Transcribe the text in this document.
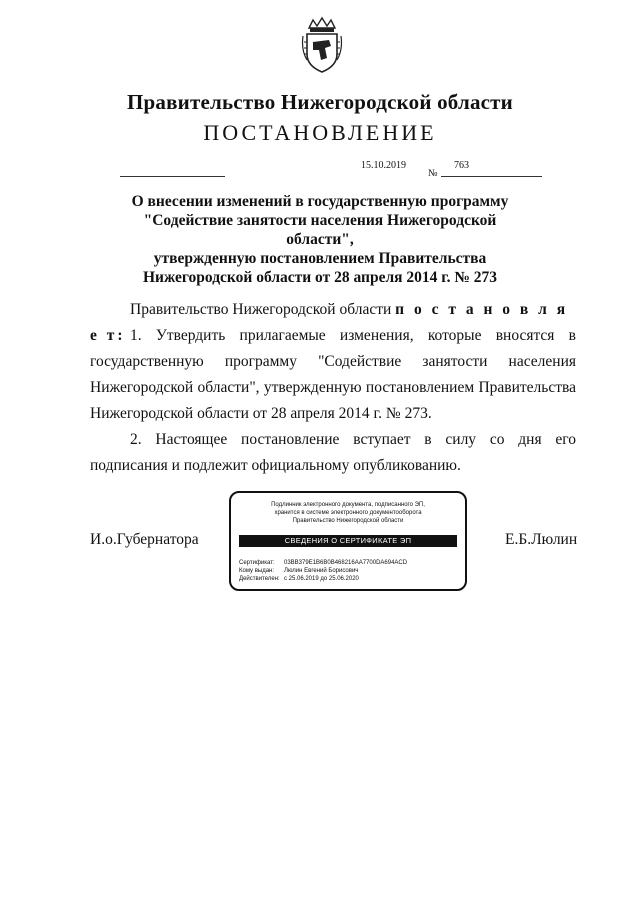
Правительство Нижегородской области
ПОСТАНОВЛЕНИЕ
15.10.2019
№
763
О внесении изменений в государственную программу
"Содействие занятости населения Нижегородской области",
утвержденную постановлением Правительства
Нижегородской области от 28 апреля 2014 г. № 273
Правительство Нижегородской области п о с т а н о в л я е т: 1. Утвердить прилагаемые изменения, которые вносятся в государственную программу "Содействие занятости населения Нижегородской области", утвержденную постановлением Правительства Нижегородской области от 28 апреля 2014 г. № 273.
2. Настоящее постановление вступает в силу со дня его подписания и подлежит официальному опубликованию.
И.о.Губернатора	Е.Б.Люлин
Подлинник электронного документа, подписанного ЭП,
хранится в системе электронного документооборота
Правительство Нижегородской области
СВЕДЕНИЯ О СЕРТИФИКАТЕ ЭП
Сертификат: 03BB379E1B6B0B468216AA7700DA694ACD
Кому выдан: Люлин Евгений Борисович
Действителен: с 25.06.2019 до 25.06.2020
